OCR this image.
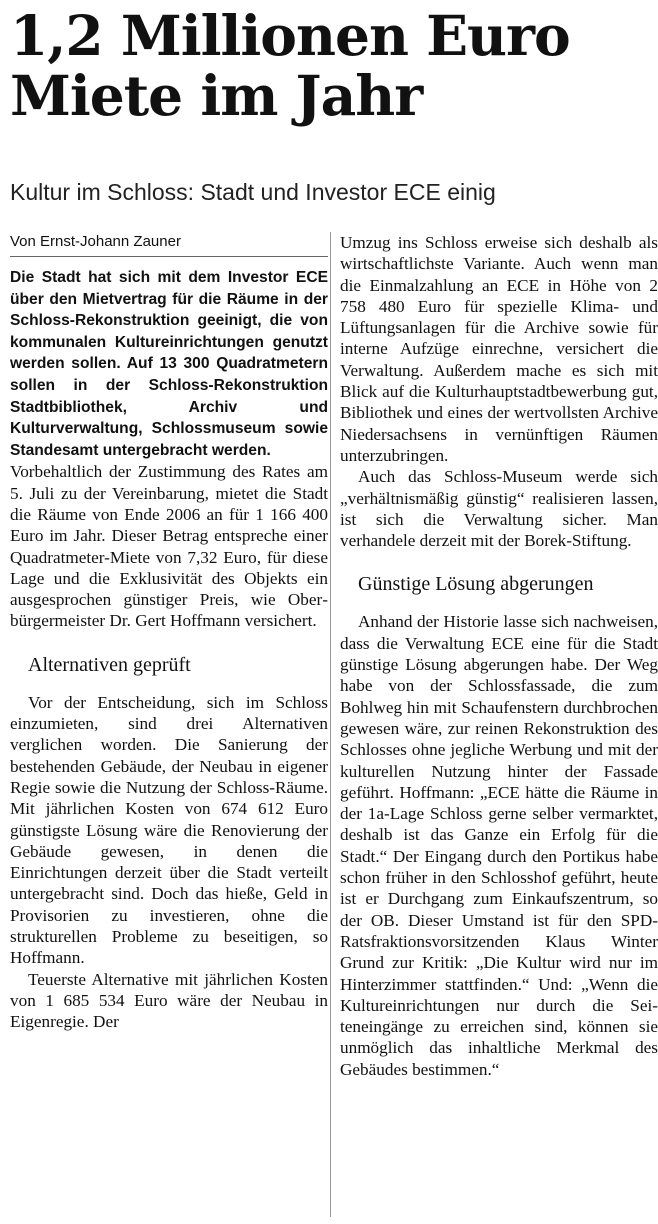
1,2 Millionen Euro
Miete im Jahr

Kultur im Schloss: Stadt und Investor ECE einig

Von Ernst-Johann Zauner

Die Stadt hat sich mit dem Investor ECE über den Mietvertrag für die Räume in der Schloss-Rekonstruktion geeinigt, die von kommunalen Kultureinrichtungen genutzt werden sollen. Auf 13 300 Quadratmetern sollen in der Schloss-Rekonstruktion Stadtbibliothek, Archiv und Kulturverwaltung, Schlossmuseum sowie Standesamt untergebracht werden.

Vorbehaltlich der Zustimmung des Rates am 5. Juli zu der Vereinbarung, mietet die Stadt die Räume von Ende 2006 an für 1 166 400 Euro im Jahr. Dieser Betrag entspreche einer Quadratmeter-Miete von 7,32 Euro, für diese Lage und die Exklusivität des Objekts ein ausgesprochen günstiger Preis, wie Oberbürgermeister Dr. Gert Hoffmann versichert.

Alternativen geprüft

Vor der Entscheidung, sich im Schloss einzumieten, sind drei Alternativen verglichen worden. Die Sanierung der bestehenden Gebäude, der Neubau in eigener Regie sowie die Nutzung der Schloss-Räume. Mit jährlichen Kosten von 674 612 Euro günstigste Lösung wäre die Renovierung der Gebäude gewesen, in denen die Einrichtungen derzeit über die Stadt verteilt untergebracht sind. Doch das hieße, Geld in Provisorien zu investieren, ohne die strukturellen Probleme zu beseitigen, so Hoffmann.

Teuerste Alternative mit jährlichen Kosten von 1 685 534 Euro wäre der Neubau in Eigenregie. Der

Umzug ins Schloss erweise sich deshalb als wirtschaftlichste Variante. Auch wenn man die Einmalzahlung an ECE in Höhe von 2 758 480 Euro für spezielle Klima- und Lüftungsanlagen für die Archive sowie für interne Aufzüge einrechne, versichert die Verwaltung. Außerdem mache es sich mit Blick auf die Kulturhauptstadtbewerbung gut, Bibliothek und eines der wertvollsten Archive Niedersachsens in vernünftigen Räumen unterzubringen.

Auch das Schloss-Museum werde sich „verhältnismäßig günstig“ realisieren lassen, ist sich die Verwaltung sicher. Man verhandele derzeit mit der Borek-Stiftung.

Günstige Lösung abgerungen

Anhand der Historie lasse sich nachweisen, dass die Verwaltung ECE eine für die Stadt günstige Lösung abgerungen habe. Der Weg habe von der Schlossfassade, die zum Bohlweg hin mit Schaufenstern durchbrochen gewesen wäre, zur reinen Rekonstruktion des Schlosses ohne jegliche Werbung und mit der kulturellen Nutzung hinter der Fassade geführt. Hoffmann: „ECE hätte die Räume in der 1a-Lage Schloss gerne selber vermarktet, deshalb ist das Ganze ein Erfolg für die Stadt.“ Der Eingang durch den Portikus habe schon früher in den Schlosshof geführt, heute ist er Durchgang zum Einkaufszentrum, so der OB. Dieser Umstand ist für den SPD-Ratsfraktionsvorsitzenden Klaus Winter Grund zur Kritik: „Die Kultur wird nur im Hinterzimmer stattfinden.“ Und: „Wenn die Kultureinrichtungen nur durch die Seiteneingänge zu erreichen sind, können sie unmöglich das inhaltliche Merkmal des Gebäudes bestimmen.“
